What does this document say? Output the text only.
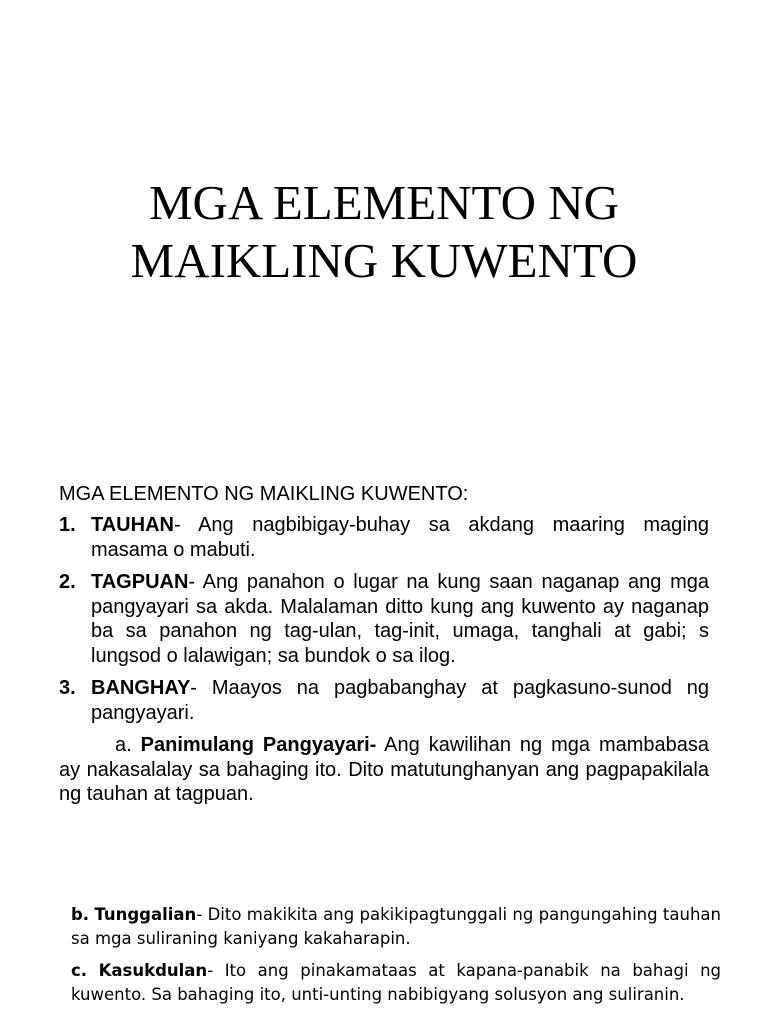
MGA ELEMENTO NG
MAIKLING KUWENTO
MGA ELEMENTO NG MAIKLING KUWENTO:
1. TAUHAN- Ang nagbibigay-buhay sa akdang maaring maging masama o mabuti.
2. TAGPUAN- Ang panahon o lugar na kung saan naganap ang mga pangyayari sa akda. Malalaman ditto kung ang kuwento ay naganap ba sa panahon ng tag-ulan, tag-init, umaga, tanghali at gabi; s lungsod o lalawigan; sa bundok o sa ilog.
3. BANGHAY- Maayos na pagbabanghay at pagkasuno-sunod ng pangyayari.
a. Panimulang Pangyayari- Ang kawilihan ng mga mambabasa ay nakasalalay sa bahaging ito. Dito matutunghanyan ang pagpapakilala ng tauhan at tagpuan.
b. Tunggalian- Dito makikita ang pakikipagtunggali ng pangungahing tauhan sa mga suliraning kaniyang kakaharapin.
c. Kasukdulan- Ito ang pinakamataas at kapana-panabik na bahagi ng kuwento. Sa bahaging ito, unti-unting nabibigyang solusyon ang suliranin.
